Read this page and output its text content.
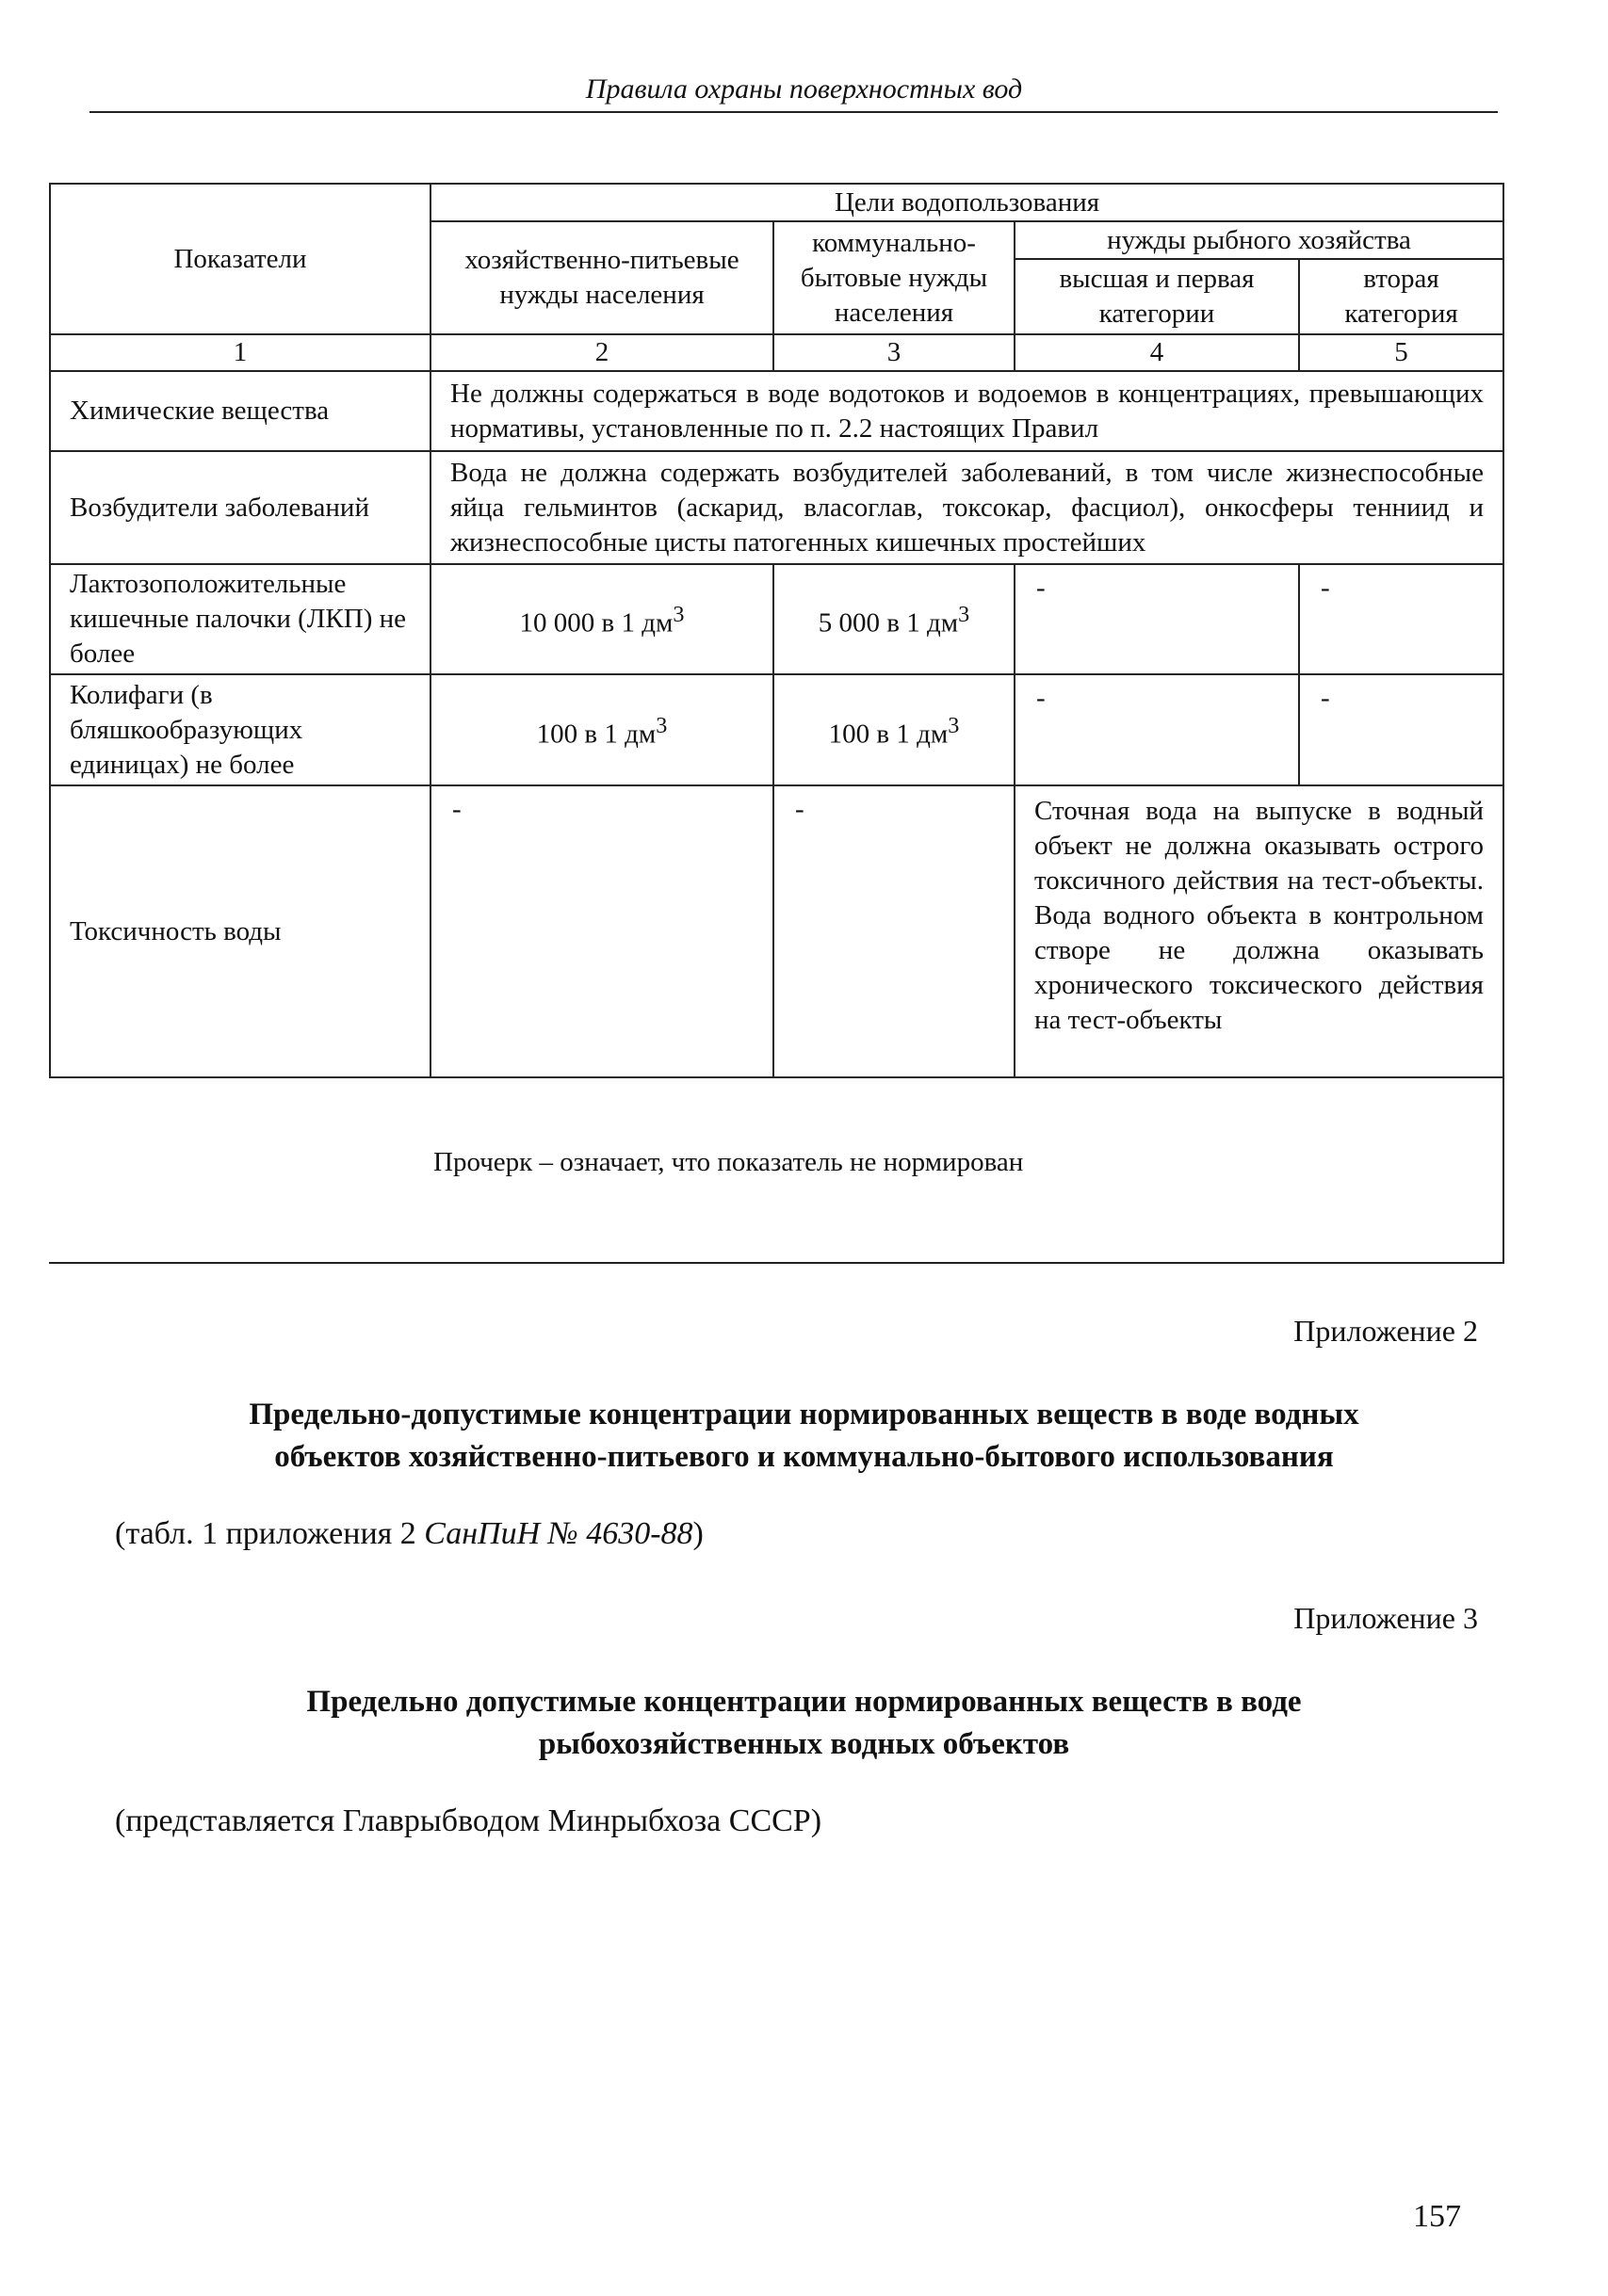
Правила охраны поверхностных вод
Показатели	Цели водопользования			
	хозяйственно-питьевые нужды населения	коммунально-бытовые нужды населения	нужды рыбного хозяйства	
			высшая и первая категории	вторая категория
1	2	3	4	5
Химические вещества	Не должны содержаться в воде водотоков и водоемов в концентрациях, превышающих нормативы, установленные по п. 2.2 настоящих Правил			
Возбудители заболеваний	Вода не должна содержать возбудителей заболеваний, в том числе жизнеспособные яйца гельминтов (аскарид, власоглав, токсокар, фасциол), онкосферы тенниид и жизнеспособные цисты патогенных кишечных простейших			
Лактозоположительные кишечные палочки (ЛКП) не более	10 000 в 1 $дм^3$	5 000 в 1 $дм^3$	-	-
Колифаги (в бляшкообразующих единицах) не более	100 в 1 $дм^3$	100 в 1 $дм^3$	-	-
Токсичность воды	-	-	Сточная вода на выпуске в водный объект не должна оказывать острого токсичного действия на тест-объекты. Вода водного объекта в контрольном створе не должна оказывать хронического токсического действия на тест-объекты	
Прочерк – означает, что показатель не нормирован
Приложение 2
Предельно-допустимые концентрации нормированных веществ в воде водных
объектов хозяйственно-питьевого и коммунально-бытового использования
(табл. 1 приложения 2 СанПиН № 4630-88)
Приложение 3
Предельно допустимые концентрации нормированных веществ в воде
рыбохозяйственных водных объектов
(представляется Главрыбводом Минрыбхоза СССР)
157
